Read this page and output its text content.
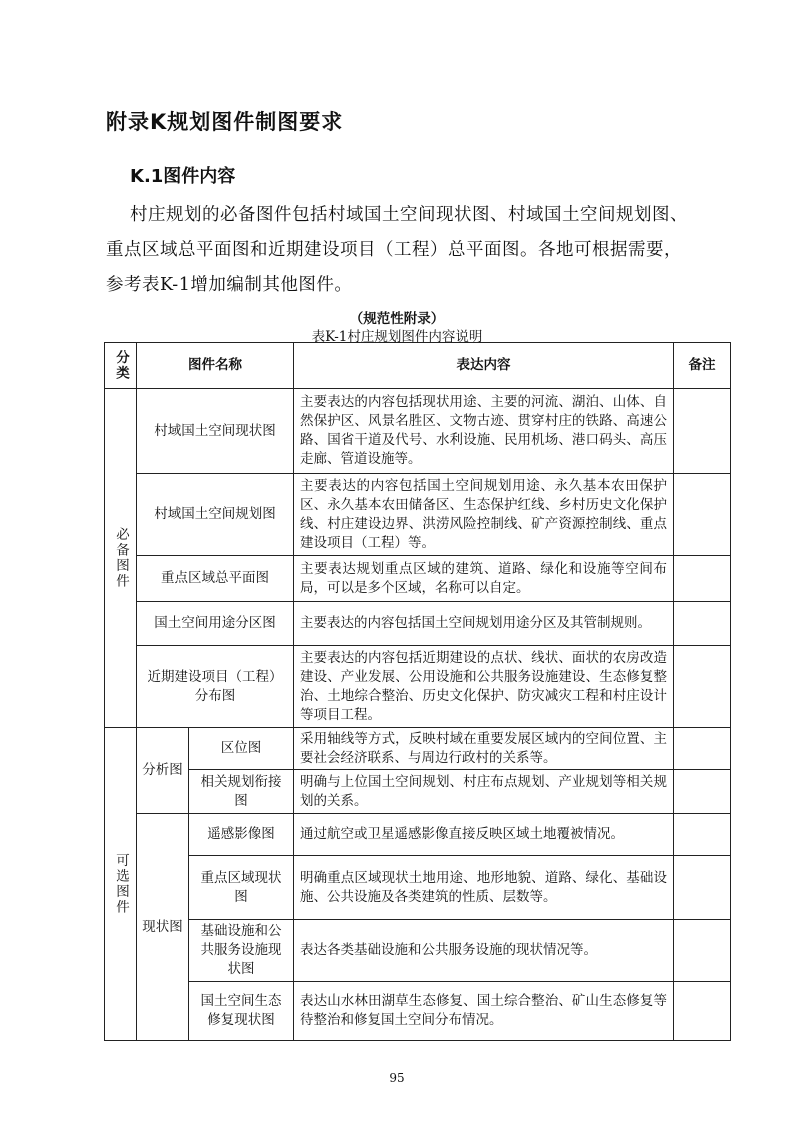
附录K规划图件制图要求
K.1图件内容
村庄规划的必备图件包括村域国土空间现状图、村域国土空间规划图、
重点区域总平面图和近期建设项目（工程）总平面图。各地可根据需要，
参考表K-1增加编制其他图件。
（规范性附录）
表K-1村庄规划图件内容说明
分类	图件名称		表达内容	备注

必备图件	村域国土空间现状图		主要表达的内容包括现状用途、主要的河流、湖泊、山体、自然保护区、风景名胜区、文物古迹、贯穿村庄的铁路、高速公路、国省干道及代号、水利设施、民用机场、港口码头、高压走廊、管道设施等。	
	村域国土空间规划图		主要表达的内容包括国土空间规划用途、永久基本农田保护区、永久基本农田储备区、生态保护红线、乡村历史文化保护线、村庄建设边界、洪涝风险控制线、矿产资源控制线、重点建设项目（工程）等。	
	重点区域总平面图		主要表达规划重点区域的建筑、道路、绿化和设施等空间布局，可以是多个区域，名称可以自定。	
	国土空间用途分区图		主要表达的内容包括国土空间规划用途分区及其管制规则。	
	近期建设项目（工程）分布图		主要表达的内容包括近期建设的点状、线状、面状的农房改造建设、产业发展、公用设施和公共服务设施建设、生态修复整治、土地综合整治、历史文化保护、防灾减灾工程和村庄设计等项目工程。	

可选图件	分析图	区位图	采用轴线等方式，反映村域在重要发展区域内的空间位置、主要社会经济联系、与周边行政村的关系等。	
		相关规划衔接图	明确与上位国土空间规划、村庄布点规划、产业规划等相关规划的关系。	
	现状图	遥感影像图	通过航空或卫星遥感影像直接反映区域土地覆被情况。	
		重点区域现状图	明确重点区域现状土地用途、地形地貌、道路、绿化、基础设施、公共设施及各类建筑的性质、层数等。	
		基础设施和公共服务设施现状图	表达各类基础设施和公共服务设施的现状情况等。	
		国土空间生态修复现状图	表达山水林田湖草生态修复、国土综合整治、矿山生态修复等待整治和修复国土空间分布情况。	
95
